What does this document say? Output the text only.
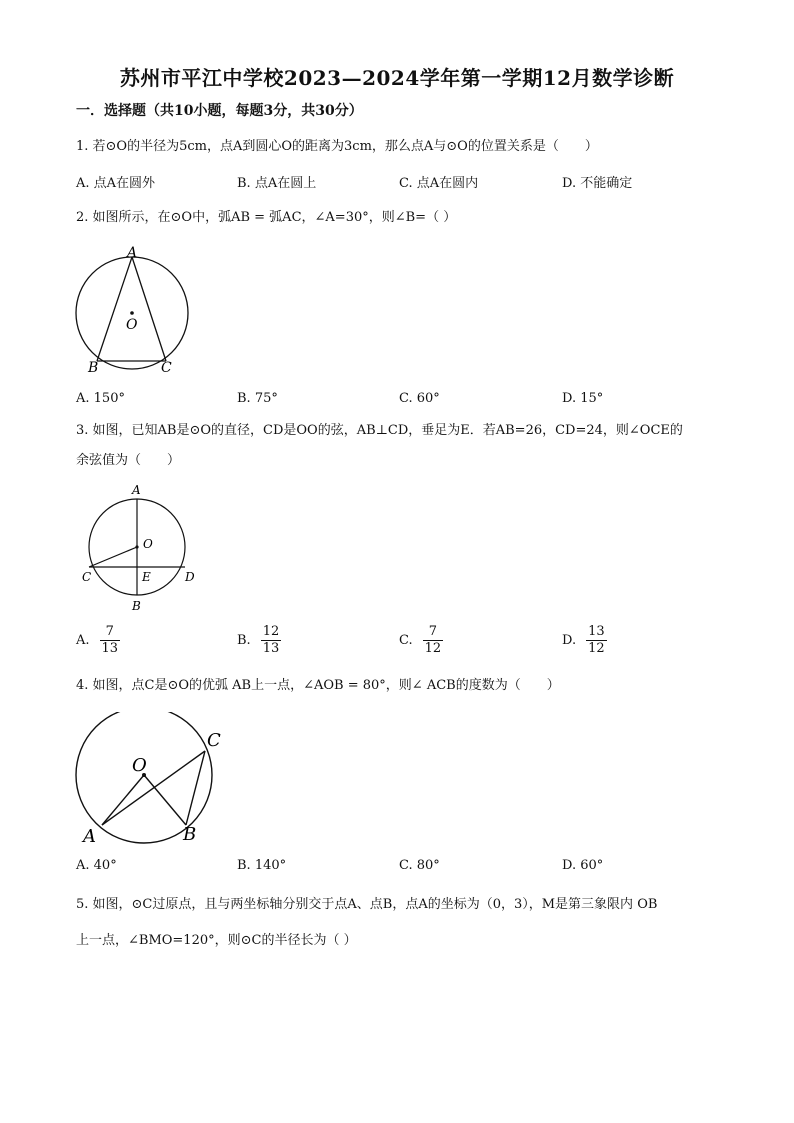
苏州市平江中学校2023—2024学年第一学期12月数学诊断
一．选择题（共10小题，每题3分，共30分）
1. 若⊙O的半径为5cm，点A到圆心O的距离为3cm，那么点A与⊙O的位置关系是（　　）
A. 点A在圆外	B. 点A在圆上	C. 点A在圆内	D. 不能确定
2. 如图所示，在⊙O中，弧AB = 弧AC，∠A=30°，则∠B=（ ）
A
O
B	C
A. 150°	B. 75°	C. 60°	D. 15°
3. 如图，已知AB是⊙O的直径，CD是OO的弦，AB⊥CD，垂足为E．若AB=26，CD=24，则∠OCE的
余弦值为（　　）
A
O
C	E	D
B
A. $\frac{7}{13}$	B. $\frac{12}{13}$	C. $\frac{7}{12}$	D. $\frac{13}{12}$
4. 如图，点C是⊙O的优弧 AB上一点，∠AOB = 80°，则∠ ACB的度数为（　　）
O
C
A	B
A. 40°	B. 140°	C. 80°	D. 60°
5. 如图，⊙C过原点，且与两坐标轴分别交于点A、点B，点A的坐标为（0，3），M是第三象限内 OB
上一点，∠BMO=120°，则⊙C的半径长为（ ）
